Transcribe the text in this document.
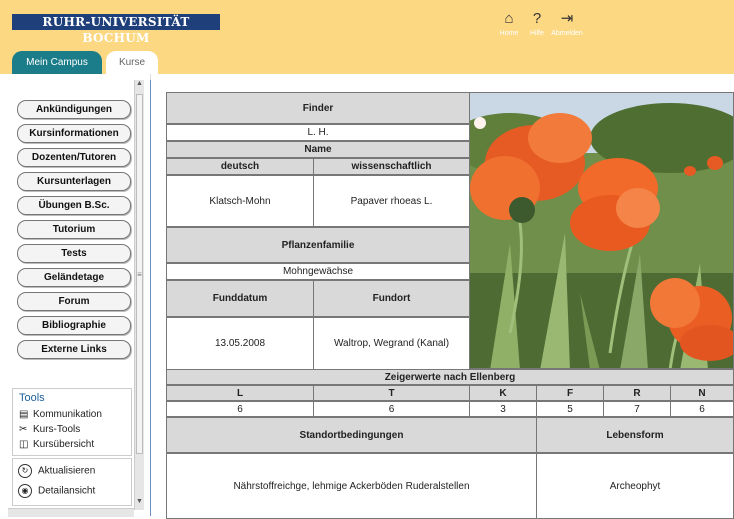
RUHR-UNIVERSITÄT BOCHUM
⌂
Home
?
Hilfe
⇥
Abmelden
Mein Campus	Kurse
Ankündigungen
Kursinformationen
Dozenten/Tutoren
Kursunterlagen
Übungen B.Sc.
Tutorium
Tests
Geländetage
Forum
Bibliographie
Externe Links
▲
≡
▼
Tools
▤ Kommunikation
✂ Kurs-Tools
◫ Kursübersicht
↻ Aktualisieren
◉ Detailansicht
Finder
L. H.
Name
deutsch	wissenschaftlich
Klatsch-Mohn	Papaver rhoeas L.
Pflanzenfamilie
Mohngewächse
Funddatum	Fundort
13.05.2008	Waltrop, Wegrand (Kanal)
Zeigerwerte nach Ellenberg
L	T	K	F	R	N
6	6	3	5	7	6
Standortbedingungen	Lebensform
Nährstoffreichge, lehmige Ackerböden Ruderalstellen	Archeophyt
